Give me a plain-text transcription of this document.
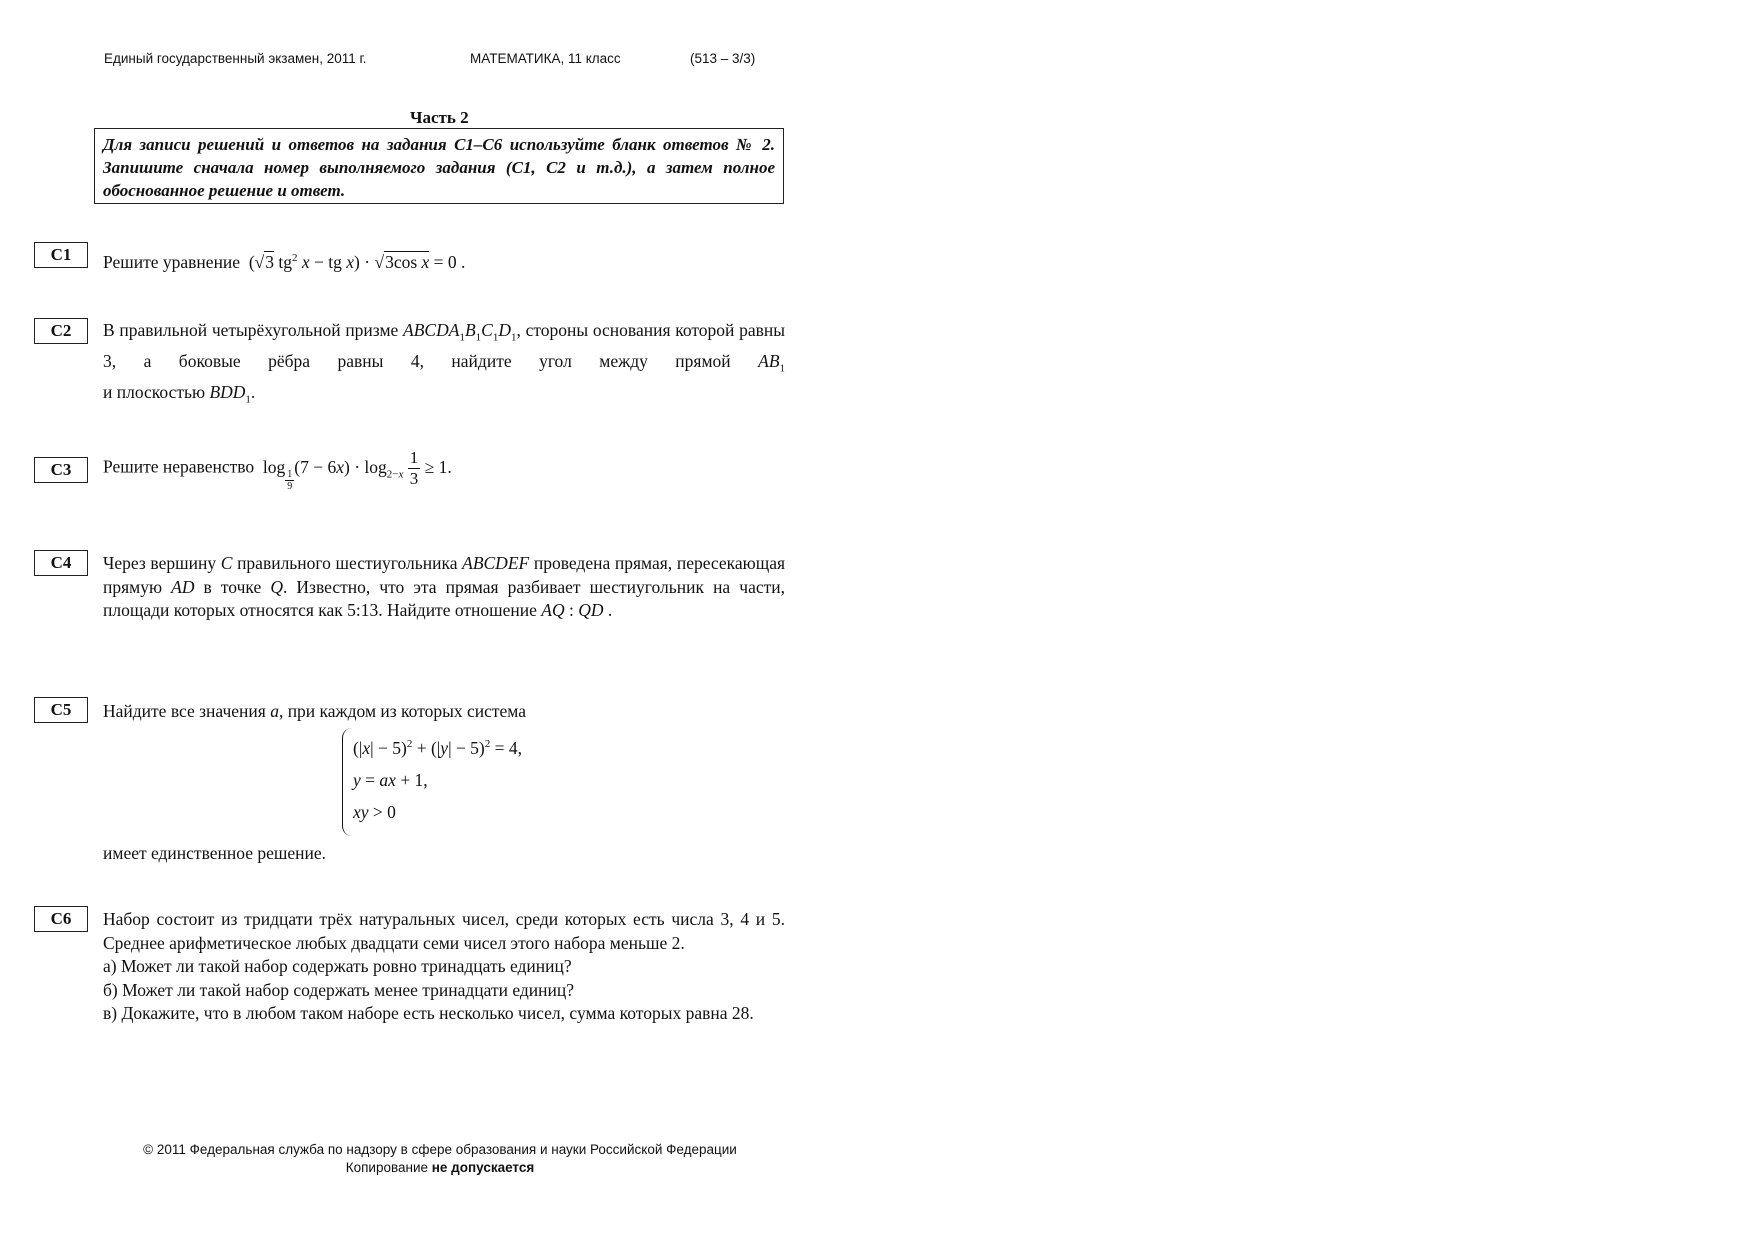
Единый государственный экзамен, 2011 г.	МАТЕМАТИКА, 11 класс	(513 – 3/3)
Часть 2
Для записи решений и ответов на задания С1–С6 используйте бланк ответов № 2. Запишите сначала номер выполняемого задания (С1, С2 и т.д.), а затем полное обоснованное решение и ответ.
C1	Решите уравнение  (√3 $tg^2$ x − tg x) · √3cos x = 0 .
C2	В правильной четырёхугольной призме $ABCDA_1B_1C_1D_1$, стороны основания которой равны 3, а боковые рёбра равны 4, найдите угол между прямой $AB_1$

и плоскостью $BDD_1$.

C3	Решите неравенство  log
$_{\frac{1}{9}}$
$(7 - 6x) \cdot \log_{2-x} \frac{1}{3} \ge 1$.
C4	Через вершину C правильного шестиугольника ABCDEF проведена прямая, пересекающая прямую AD в точке Q. Известно, что эта прямая разбивает шестиугольник на части, площади которых относятся как 5:13. Найдите отношение AQ : QD .

C5	Найдите все значения a, при каждом из которых система
$(|x| - 5)^2 + (|y| - 5)^2 = 4$,
y = ax + 1,
xy > 0
имеет единственное решение.
C6	Набор состоит из тридцати трёх натуральных чисел, среди которых есть числа 3, 4 и 5. Среднее арифметическое любых двадцати семи чисел этого набора меньше 2.

а) Может ли такой набор содержать ровно тринадцать единиц?

б) Может ли такой набор содержать менее тринадцати единиц?

в) Докажите, что в любом таком наборе есть несколько чисел, сумма которых равна 28.

© 2011 Федеральная служба по надзору в сфере образования и науки Российской Федерации
Копирование не допускается
